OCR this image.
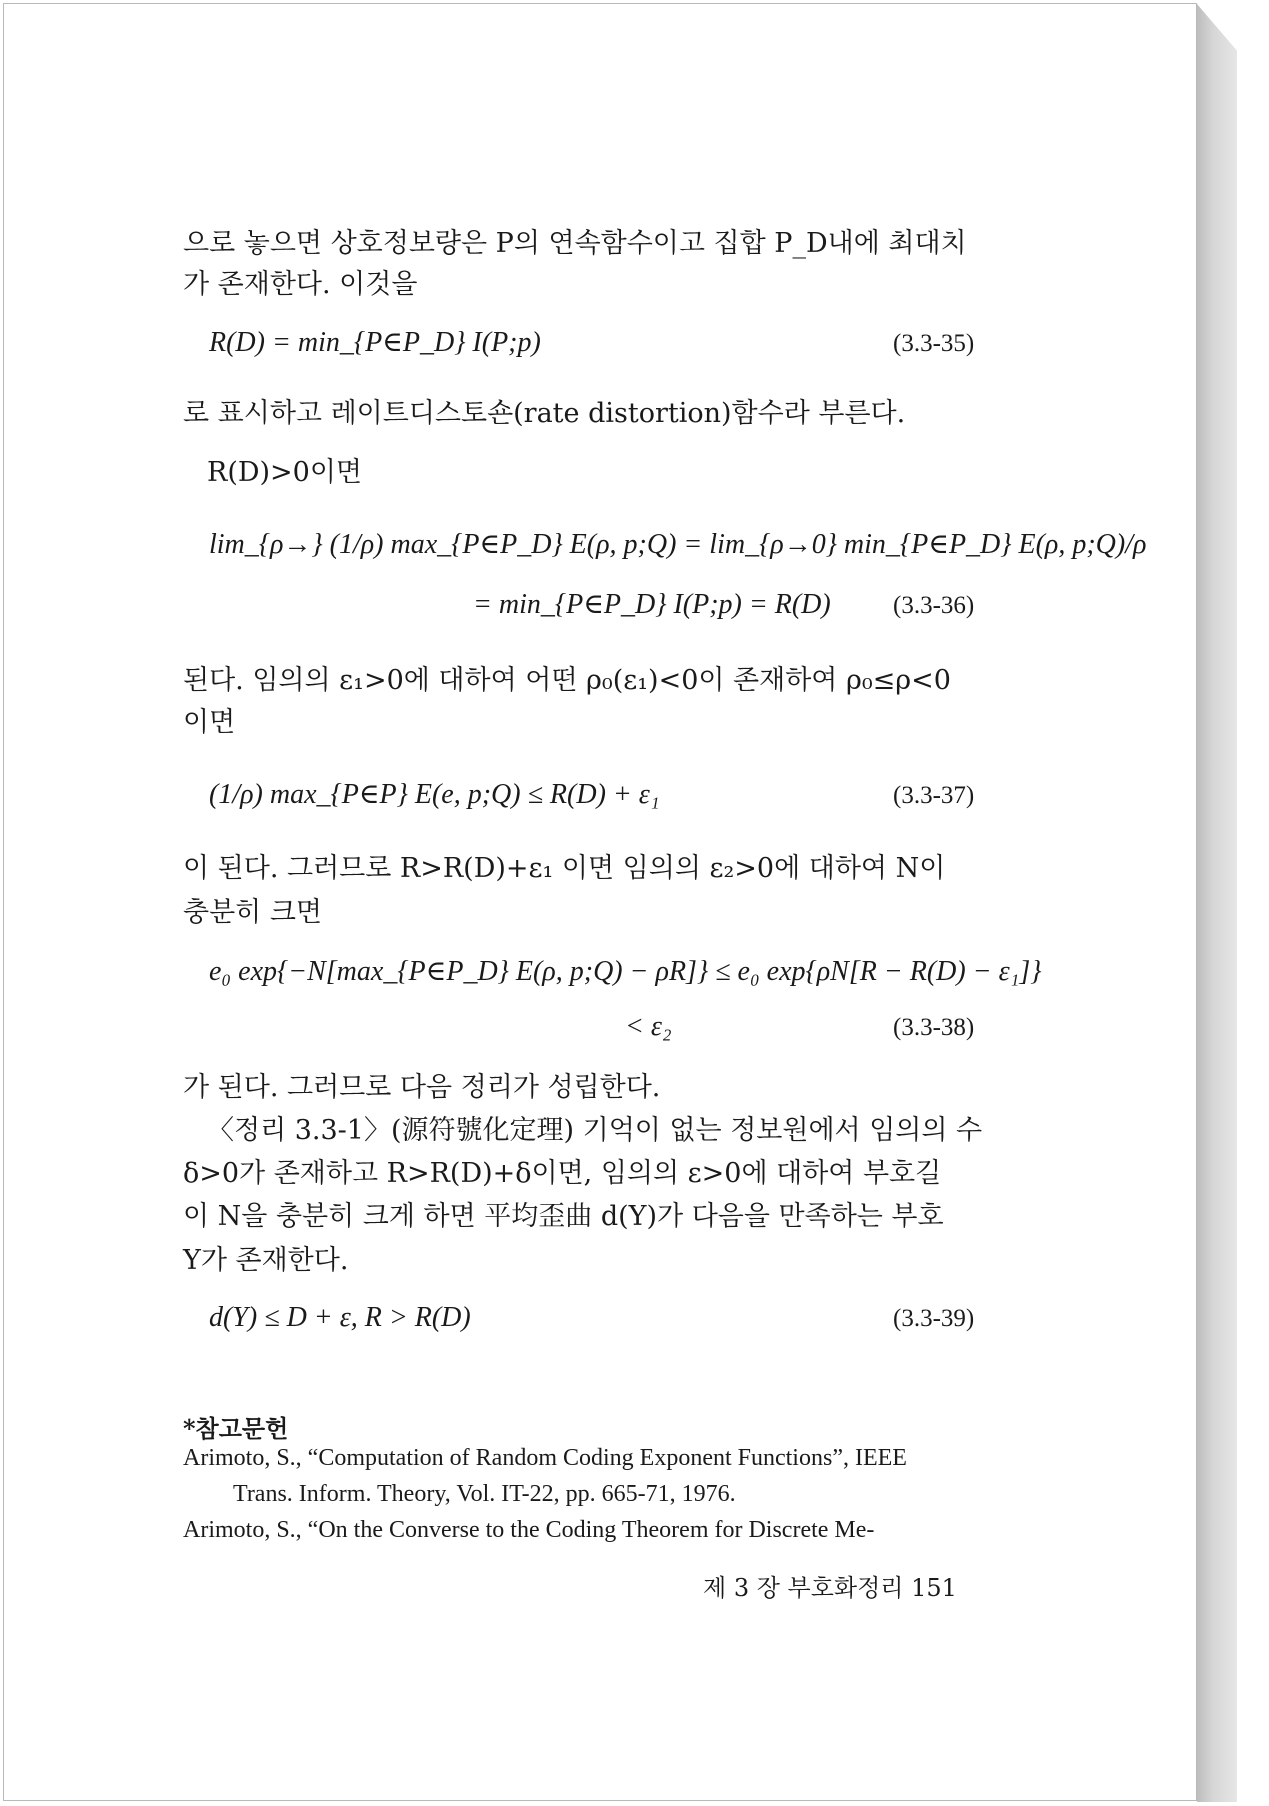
으로 놓으면 상호정보량은 P의 연속함수이고 집합 P_D내에 최대치
가 존재한다. 이것을
R(D) = min_{P∈P_D} I(P;p)	(3.3-35)
로 표시하고 레이트디스토숀(rate distortion)함수라 부른다.
R(D)>0이면
lim_{ρ→} (1/ρ) max_{P∈P_D} E(ρ, p;Q) = lim_{ρ→0} min_{P∈P_D} E(ρ, p;Q)/ρ
= min_{P∈P_D} I(P;p) = R(D) (3.3-36)
된다. 임의의 ε₁>0에 대하여 어떤 ρ₀(ε₁)<0이 존재하여 ρ₀≤ρ<0
이면
(1/ρ) max_{P∈P} E(e, p;Q) ≤ R(D) + ε₁	(3.3-37)
이 된다. 그러므로 R>R(D)+ε₁ 이면 임의의 ε₂>0에 대하여 N이
충분히 크면
e₀ exp{−N[max_{P∈P_D} E(ρ, p;Q) − ρR]} ≤ e₀ exp{ρN[R − R(D) − ε₁]}
< ε₂	(3.3-38)
가 된다. 그러므로 다음 정리가 성립한다.
〈정리 3.3-1〉(源符號化定理) 기억이 없는 정보원에서 임의의 수
δ>0가 존재하고 R>R(D)+δ이면, 임의의 ε>0에 대하여 부호길
이 N을 충분히 크게 하면 平均歪曲 d(Y)가 다음을 만족하는 부호
Y가 존재한다.
d(Y) ≤ D + ε, R > R(D)	(3.3-39)
*참고문헌
Arimoto, S., “Computation of Random Coding Exponent Functions”, IEEE
Trans. Inform. Theory, Vol. IT-22, pp. 665-71, 1976.
Arimoto, S., “On the Converse to the Coding Theorem for Discrete Me-
제 3 장 부호화정리 151
